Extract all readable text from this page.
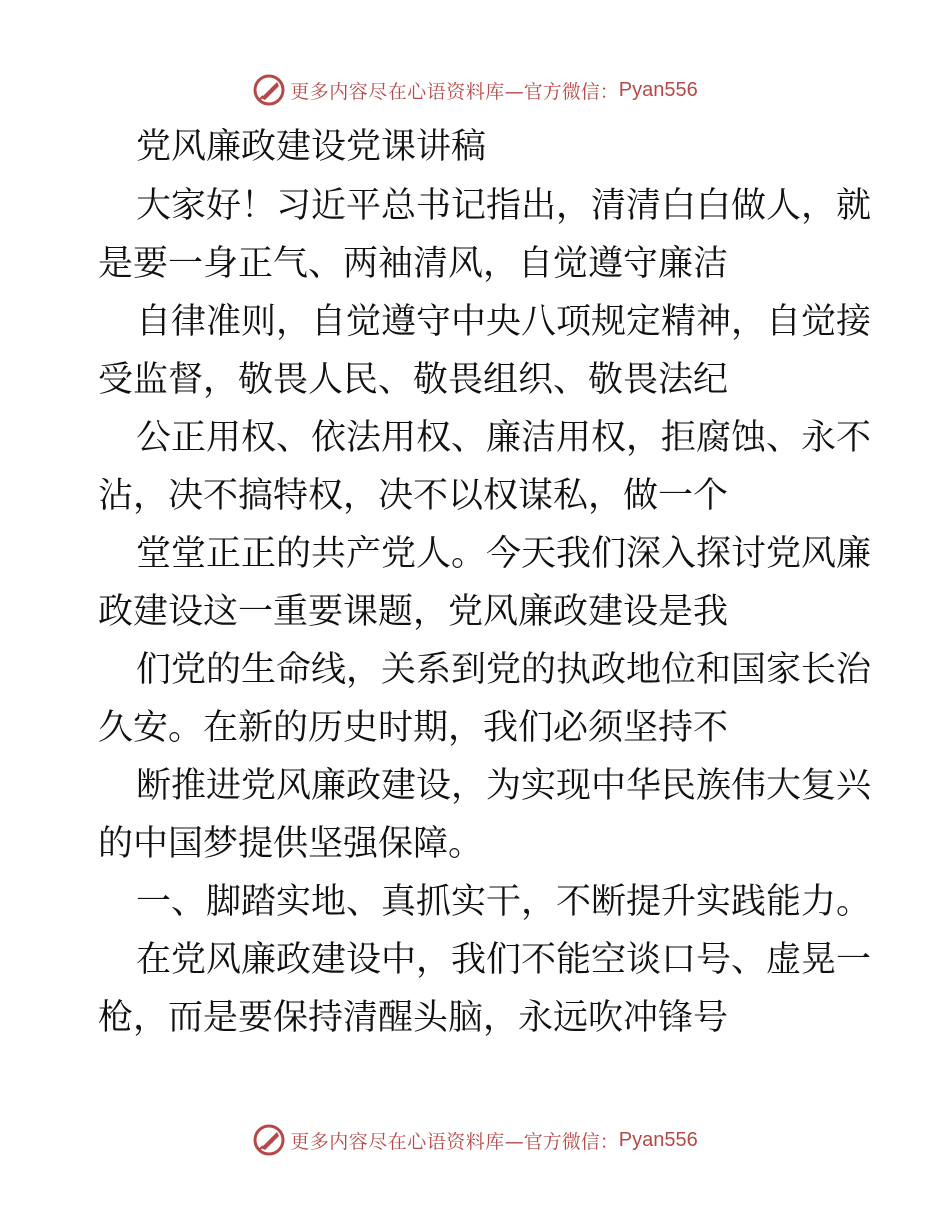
更多内容尽在心语资料库 —官方微信： Pyan556
党风廉政建设党课讲稿
大家好！习近平总书记指出，清清白白做人，就
是要一身正气、两袖清风，自觉遵守廉洁
自律准则，自觉遵守中央八项规定精神，自觉接
受监督，敬畏人民、敬畏组织、敬畏法纪
公正用权、依法用权、廉洁用权，拒腐蚀、永不
沾，决不搞特权，决不以权谋私，做一个
堂堂正正的共产党人。今天我们深入探讨党风廉
政建设这一重要课题，党风廉政建设是我
们党的生命线，关系到党的执政地位和国家长治
久安。在新的历史时期，我们必须坚持不
断推进党风廉政建设，为实现中华民族伟大复兴
的中国梦提供坚强保障。
一、脚踏实地、真抓实干，不断提升实践能力。
在党风廉政建设中，我们不能空谈口号、虚晃一
枪，而是要保持清醒头脑，永远吹冲锋号
更多内容尽在心语资料库 —官方微信： Pyan556
